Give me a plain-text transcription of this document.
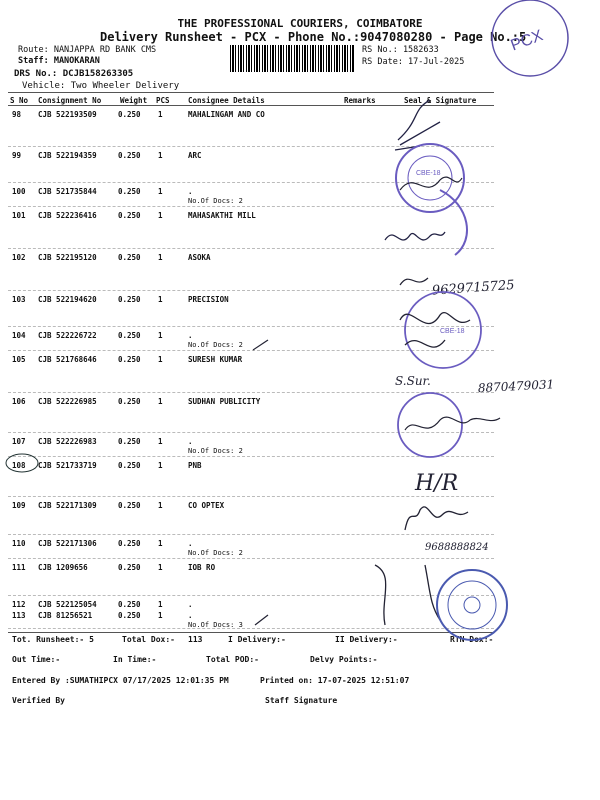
THE PROFESSIONAL COURIERS, COIMBATORE
Delivery Runsheet - PCX - Phone No.:9047080280 - Page No.:5
Route: NANJAPPA RD BANK CMS
Staff: MANOKARAN
DRS No.: DCJB158263305
Vehicle: Two Wheeler Delivery
RS No.: 1582633
RS Date: 17-Jul-2025
S No Consignment No	Weight PCS Consignee Details	Remarks	Seal & Signature
98 CJB 522193509	0.250 1	MAHALINGAM AND CO
99 CJB 522194359	0.250 1	ARC
100 CJB 521735844	0.250 1	.
No.Of Docs: 2
101 CJB 522236416	0.250 1	MAHASAKTHI MILL
102 CJB 522195120	0.250 1	ASOKA
103 CJB 522194620	0.250 1	PRECISION
104 CJB 522226722	0.250 1	.
No.Of Docs: 2
105 CJB 521768646	0.250 1	SURESH KUMAR
106 CJB 522226985	0.250 1	SUDHAN PUBLICITY
107 CJB 522226983	0.250 1	.
No.Of Docs: 2
108 CJB 521733719	0.250 1	PNB
109 CJB 522171309	0.250 1	CO OPTEX
110 CJB 522171306	0.250 1	.
No.Of Docs: 2
111 CJB 1209656	0.250 1	IOB RO
112 CJB 522125054	0.250 1	.
113 CJB 81256521	0.250 1	.
No.Of Docs: 3
Tot. Runsheet:- 5	Total Dox:- 113	I Delivery:-	II Delivery:-	RTN Dox:-
Out Time:-	In Time:-	Total POD:-	Delvy Points:-
Entered By :SUMATHIPCX 07/17/2025 12:01:35 PM	Printed on: 17-07-2025 12:51:07
Verified By	Staff Signature
PCX
CBE-18
9629715725
CBE-18
S.Sur.	8870479031
H/R
9688888824
